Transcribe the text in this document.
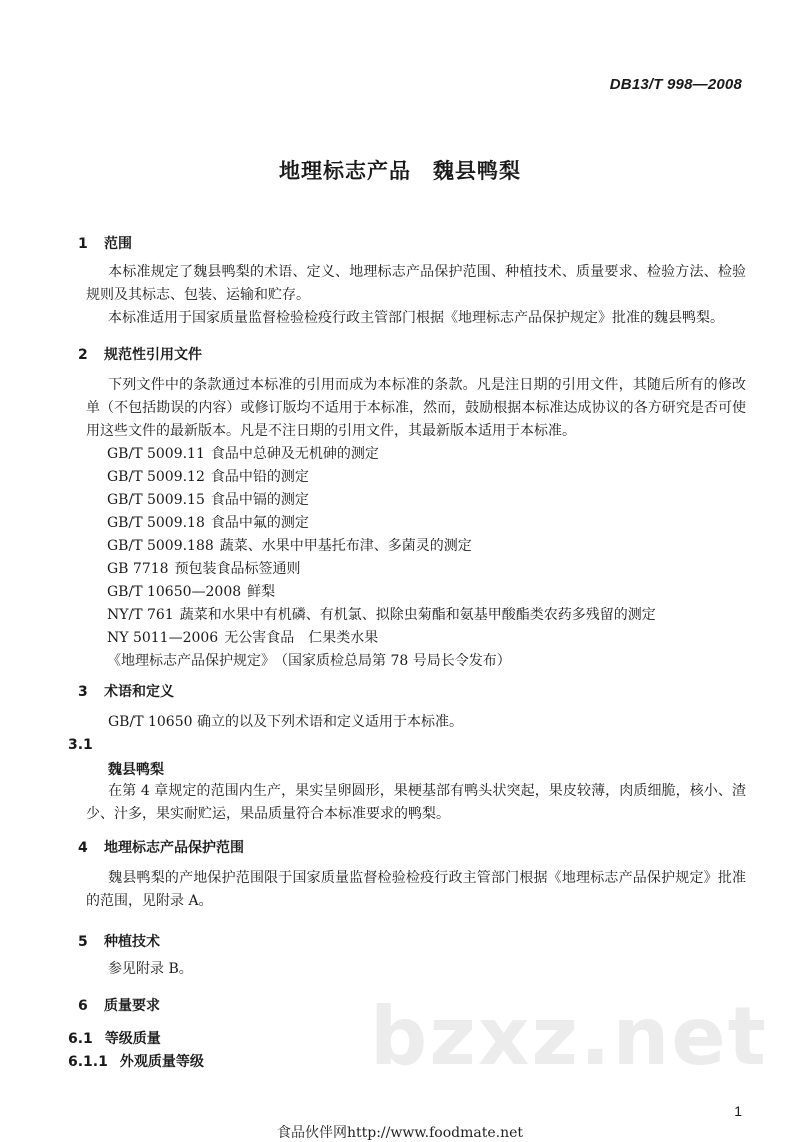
DB13/T 998—2008
地理标志产品　魏县鸭梨
1 范围

本标准规定了魏县鸭梨的术语、定义、地理标志产品保护范围、种植技术、质量要求、检验方法、检验规则及其标志、包装、运输和贮存。

本标准适用于国家质量监督检验检疫行政主管部门根据《地理标志产品保护规定》批准的魏县鸭梨。

2 规范性引用文件

下列文件中的条款通过本标准的引用而成为本标准的条款。凡是注日期的引用文件，其随后所有的修改单（不包括勘误的内容）或修订版均不适用于本标准，然而，鼓励根据本标准达成协议的各方研究是否可使用这些文件的最新版本。凡是不注日期的引用文件，其最新版本适用于本标准。

GB/T 5009.11 食品中总砷及无机砷的测定
GB/T 5009.12 食品中铅的测定
GB/T 5009.15 食品中镉的测定
GB/T 5009.18 食品中氟的测定
GB/T 5009.188 蔬菜、水果中甲基托布津、多菌灵的测定
GB 7718 预包装食品标签通则
GB/T 10650—2008 鲜梨
NY/T 761 蔬菜和水果中有机磷、有机氯、拟除虫菊酯和氨基甲酸酯类农药多残留的测定
NY 5011—2006 无公害食品　仁果类水果
《地理标志产品保护规定》 （国家质检总局第 78 号局长令发布）
3 术语和定义

GB/T 10650 确立的以及下列术语和定义适用于本标准。

3.1
魏县鸭梨

在第 4 章规定的范围内生产，果实呈卵圆形，果梗基部有鸭头状突起，果皮较薄，肉质细脆，核小、渣少、汁多，果实耐贮运，果品质量符合本标准要求的鸭梨。

4 地理标志产品保护范围

魏县鸭梨的产地保护范围限于国家质量监督检验检疫行政主管部门根据《地理标志产品保护规定》批准的范围，见附录 A。

5 种植技术

参见附录 B。

6 质量要求
6.1 等级质量
6.1.1 外观质量等级 bzxz.net
1
食品伙伴网http://www.foodmate.net
